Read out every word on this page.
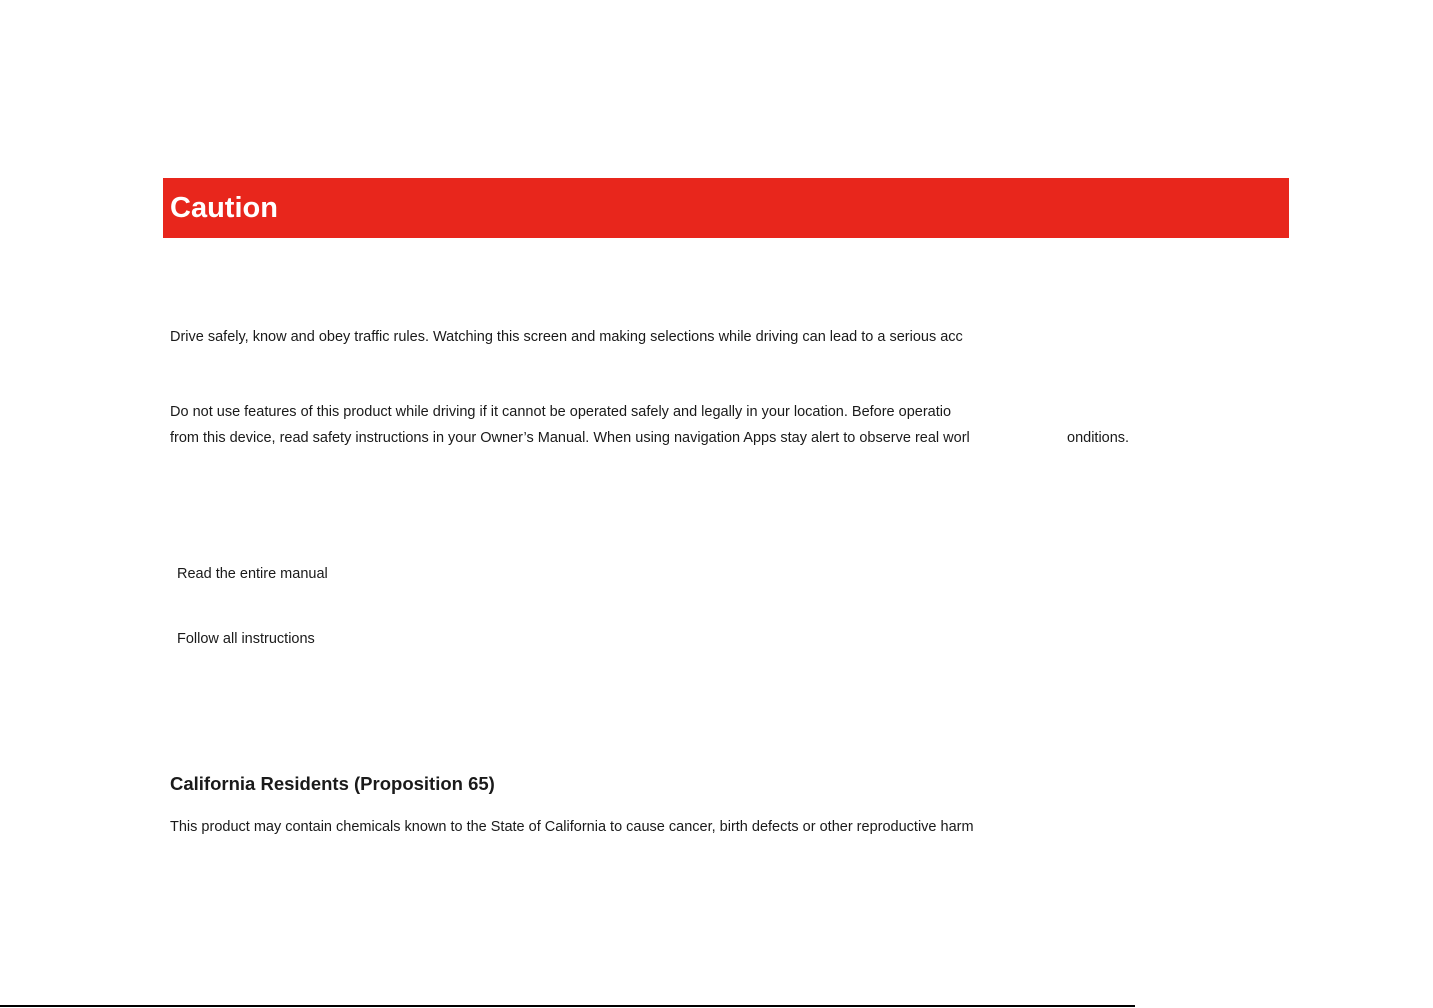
Caution

Drive safely, know and obey traffic rules. Watching this screen and making selections while driving can lead to a serious acc

Do not use features of this product while driving if it cannot be operated safely and legally in your location. Before operatio

from this device, read safety instructions in your Owner’s Manual. When using navigation Apps stay alert to observe real worl	onditions.

Read the entire manual

Follow all instructions

California Residents (Proposition 65)

This product may contain chemicals known to the State of California to cause cancer, birth defects or other reproductive harm
